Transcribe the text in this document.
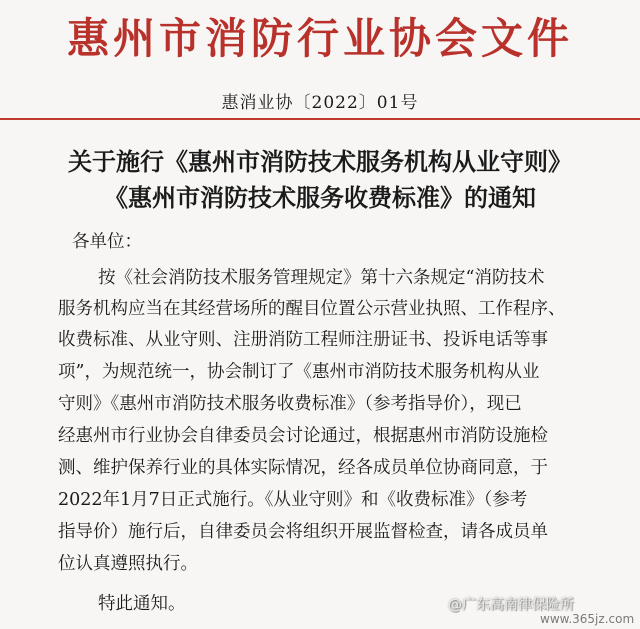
惠州市消防行业协会文件
惠消业协〔2022〕01号
关于施行《惠州市消防技术服务机构从业守则》
《惠州市消防技术服务收费标准》的通知
各单位：
按《社会消防技术服务管理规定》第十六条规定“消防技术
服务机构应当在其经营场所的醒目位置公示营业执照、工作程序、
收费标准、从业守则、注册消防工程师注册证书、投诉电话等事
项”，为规范统一，协会制订了《惠州市消防技术服务机构从业
守则》《惠州市消防技术服务收费标准》（参考指导价），现已
经惠州市行业协会自律委员会讨论通过，根据惠州市消防设施检
测、维护保养行业的具体实际情况，经各成员单位协商同意，于
2022年1月7日正式施行。《从业守则》和《收费标准》（参考
指导价）施行后，自律委员会将组织开展监督检查，请各成员单
位认真遵照执行。
特此通知。	@广东高南律保险所
www.365jz.com
